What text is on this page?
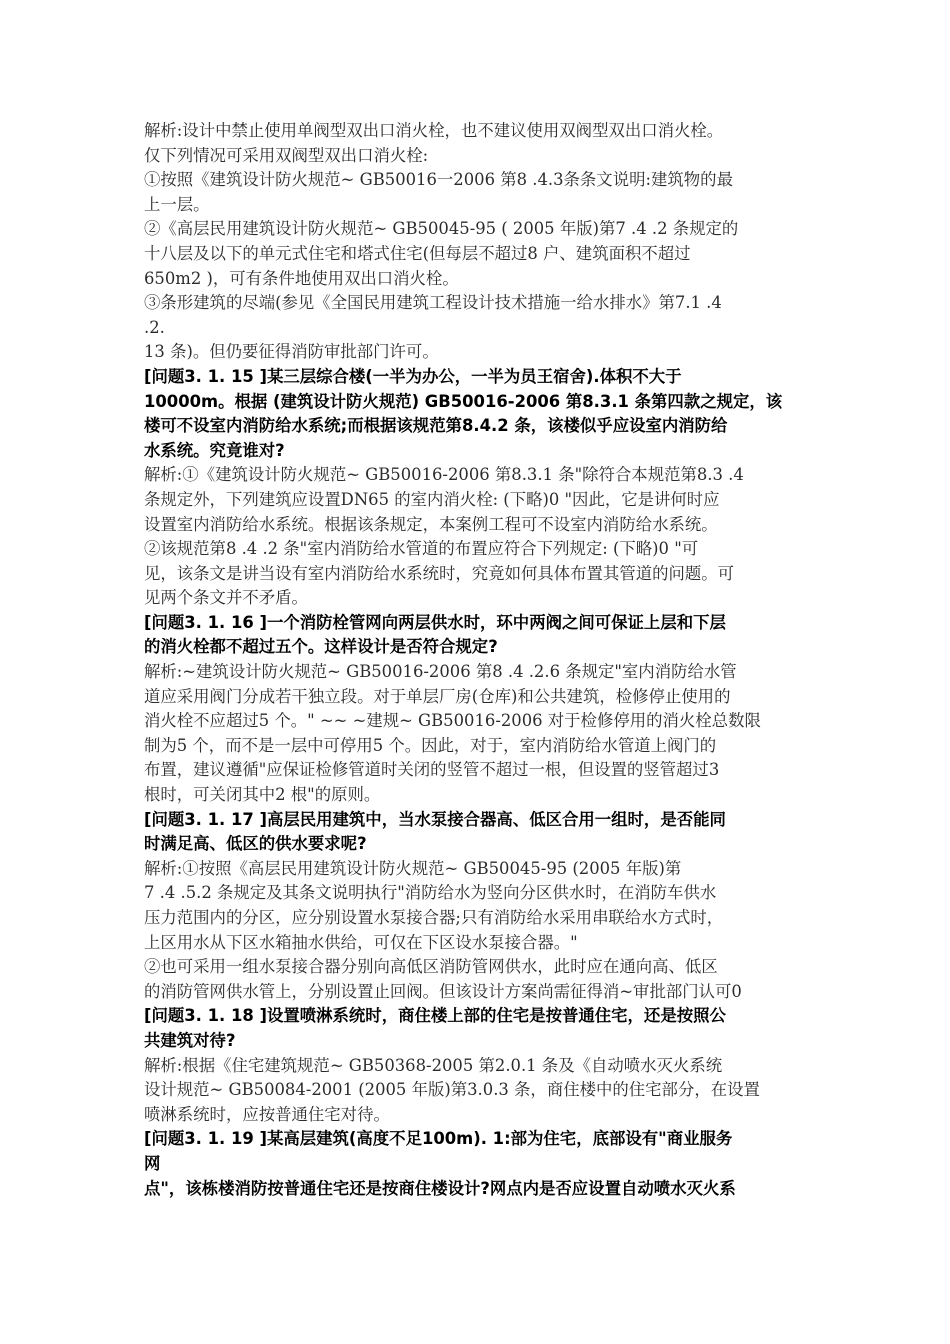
解析:设计中禁止使用单阀型双出口消火栓，也不建议使用双阀型双出口消火栓。
仅下列情况可采用双阀型双出口消火栓:
①按照《建筑设计防火规范~ GB50016一2006 第8 .4.3条条文说明:建筑物的最
上一层。
②《高层民用建筑设计防火规范~ GB50045-95 ( 2005 年版)第7 .4 .2 条规定的
十八层及以下的单元式住宅和塔式住宅(但每层不超过8 户、建筑面积不超过
650m2 )，可有条件地使用双出口消火栓。
③条形建筑的尽端(参见《全国民用建筑工程设计技术措施一给水排水》第7.1 .4
.2.
13 条)。但仍要征得消防审批部门许可。
[问题3. 1. 15 ]某三层综合楼(一半为办公，一半为员王宿舍).体积不大于
10000m。根据 (建筑设计防火规范) GB50016-2006 第8.3.1 条第四款之规定，该
楼可不设室内消防给水系统;而根据该规范第8.4.2 条，该楼似乎应设室内消防给
水系统。究竟谁对?
解析:①《建筑设计防火规范~ GB50016-2006 第8.3.1 条"除符合本规范第8.3 .4
条规定外，下列建筑应设置DN65 的室内消火栓: (下略)0 "因此，它是讲何时应
设置室内消防给水系统。根据该条规定，本案例工程可不设室内消防给水系统。
②该规范第8 .4 .2 条"室内消防给水管道的布置应符合下列规定: (下略)0 "可
见，该条文是讲当设有室内消防给水系统时，究竟如何具体布置其管道的问题。可
见两个条文并不矛盾。
[问题3. 1. 16 ]一个消防栓管网向两层供水时，环中两阀之间可保证上层和下层
的消火栓都不超过五个。这样设计是否符合规定?
解析:~建筑设计防火规范~ GB50016-2006 第8 .4 .2.6 条规定"室内消防给水管
道应采用阀门分成若干独立段。对于单层厂房(仓库)和公共建筑，检修停止使用的
消火栓不应超过5 个。" ~~ ~建规~ GB50016-2006 对于检修停用的消火栓总数限
制为5 个，而不是一层中可停用5 个。因此，对于，室内消防给水管道上阀门的
布置，建议遵循"应保证检修管道时关闭的竖管不超过一根，但设置的竖管超过3
根时，可关闭其中2 根"的原则。
[问题3. 1. 17 ]高层民用建筑中，当水泵接合器高、低区合用一组时，是否能同
时满足高、低区的供水要求呢?
解析:①按照《高层民用建筑设计防火规范~ GB50045-95 (2005 年版)第
7 .4 .5.2 条规定及其条文说明执行"消防给水为竖向分区供水时，在消防车供水
压力范围内的分区，应分别设置水泵接合器;只有消防给水采用串联给水方式时，
上区用水从下区水箱抽水供给，可仅在下区设水泵接合器。"
②也可采用一组水泵接合器分别向高低区消防管网供水，此时应在通向高、低区
的消防管网供水管上，分别设置止回阀。但该设计方案尚需征得消~审批部门认可0
[问题3. 1. 18 ]设置喷淋系统时，商住楼上部的住宅是按普通住宅，还是按照公
共建筑对待?
解析:根据《住宅建筑规范~ GB50368-2005 第2.0.1 条及《自动喷水灭火系统
设计规范~ GB50084-2001 (2005 年版)第3.0.3 条，商住楼中的住宅部分，在设置
喷淋系统时，应按普通住宅对待。
[问题3. 1. 19 ]某高层建筑(高度不足100m). 1:部为住宅，底部设有"商业服务
网
点"，该栋楼消防按普通住宅还是按商住楼设计?网点内是否应设置自动喷水灭火系
